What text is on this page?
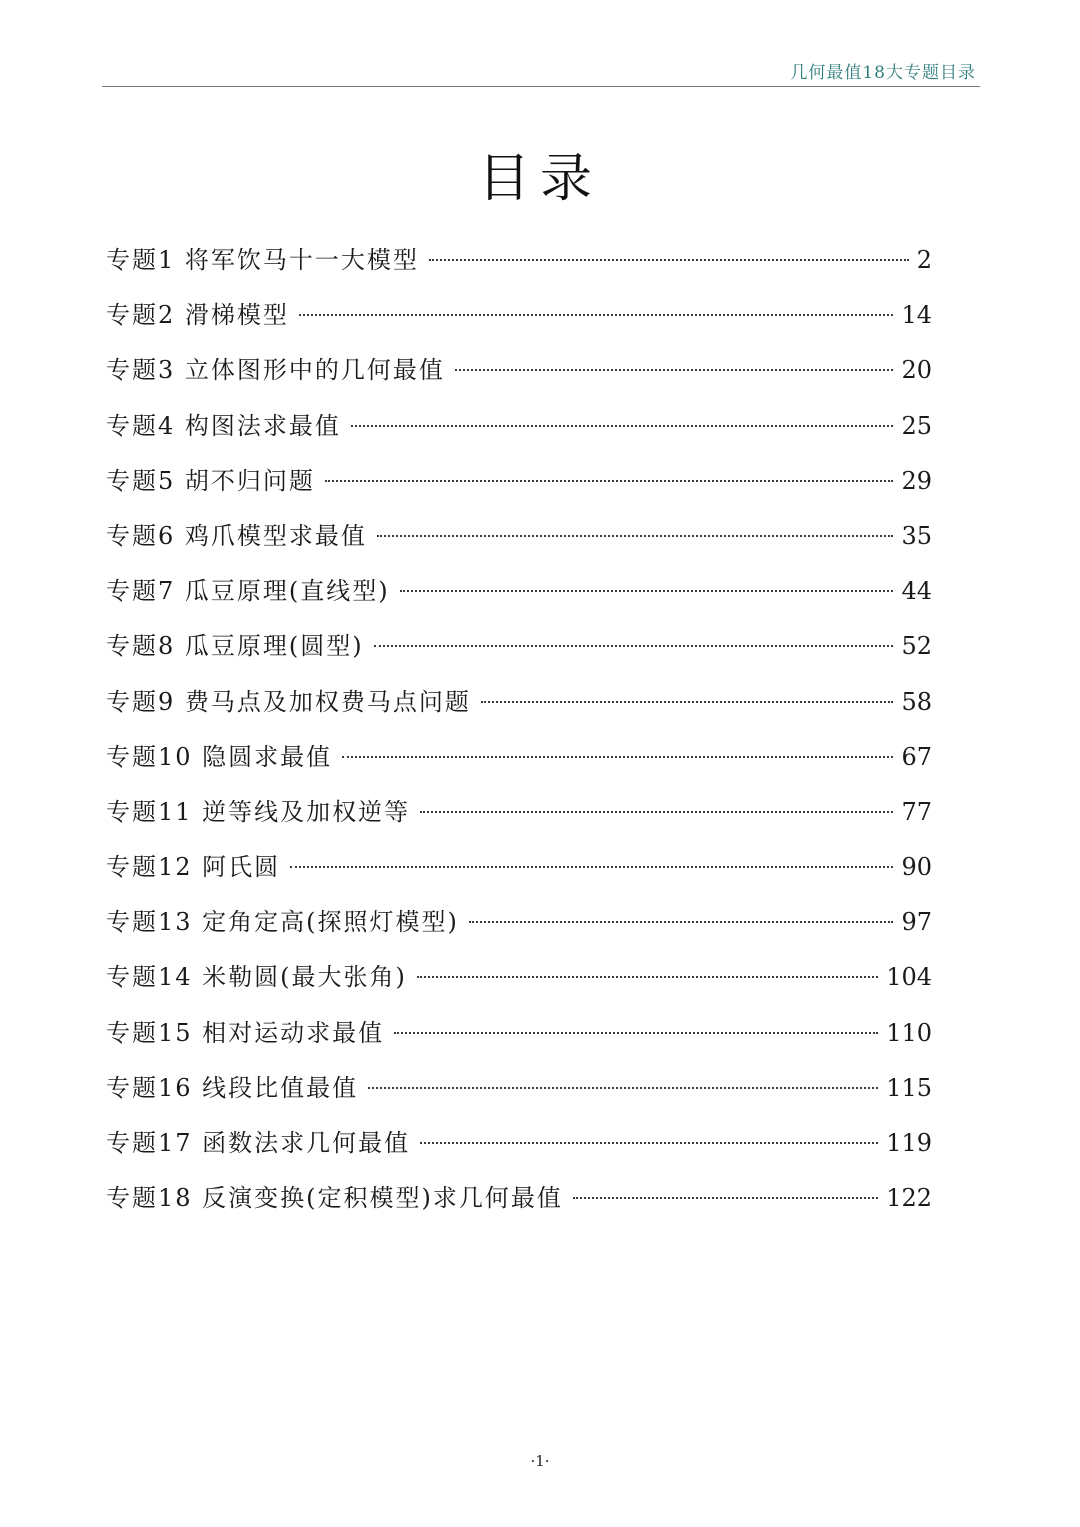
几何最值18大专题目录
目录
专题1 将军饮马十一大模型	2
专题2 滑梯模型	14
专题3 立体图形中的几何最值	20
专题4 构图法求最值	25
专题5 胡不归问题	29
专题6 鸡爪模型求最值	35
专题7 瓜豆原理(直线型)	44
专题8 瓜豆原理(圆型)	52
专题9 费马点及加权费马点问题	58
专题10 隐圆求最值	67
专题11 逆等线及加权逆等	77
专题12 阿氏圆	90
专题13 定角定高(探照灯模型)	97
专题14 米勒圆(最大张角)	104
专题15 相对运动求最值	110
专题16 线段比值最值	115
专题17 函数法求几何最值	119
专题18 反演变换(定积模型)求几何最值	122
·1·
